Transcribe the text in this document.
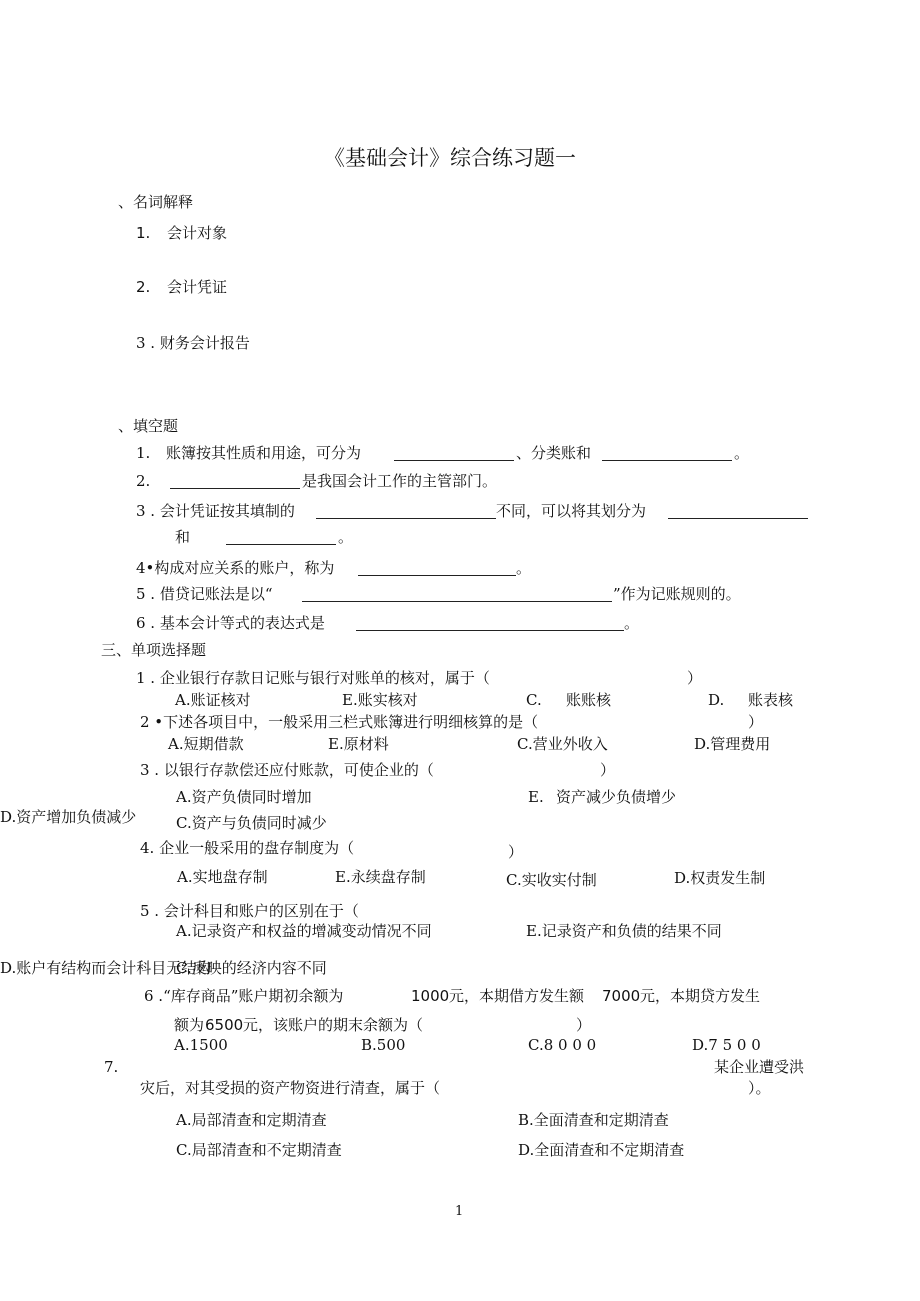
《基础会计》综合练习题一
、名词解释
1. 会计对象
2. 会计凭证
3 . 财务会计报告
、填空题
1. 账簿按其性质和用途，可分为	、分类账和	。
2.	是我国会计工作的主管部门。
3 . 会计凭证按其填制的	不同，可以将其划分为
和	。
4•构成对应关系的账户，称为	。
5 . 借贷记账法是以“	”作为记账规则的。
6 . 基本会计等式的表达式是	。
三、单项选择题
1 . 企业银行存款日记账与银行对账单的核对，属于（	）
A.账证核对	E.账实核对	C. 账账核	D. 账表核
2 •下述各项目中，一般采用三栏式账簿进行明细核算的是（	）
A.短期借款	E.原材料	C.营业外收入	D.管理费用
3 . 以银行存款偿还应付账款，可使企业的（	）
A.资产负债同时增加	E. 资产减少负债增少
D.资产增加负债减少	C.资产与负债同时减少
4. 企业一般采用的盘存制度为（	）
A.实地盘存制	E.永续盘存制	C.实收实付制	D.权责发生制
5 . 会计科目和账户的区别在于（
A.记录资产和权益的增减变动情况不同	E.记录资产和负债的结果不同
D.账户有结构而会计科目无结构
C.反映的经济内容不同
6 .“库存商品”账户期初余额为	1000 元，本期借方发生额 7000 元，本期贷方发生
额为 6500 元，该账户的期末余额为（	）
A.1500	B.500	C.8 0 0 0	D.7 5 0 0
7.	某企业遭受洪
灾后，对其受损的资产物资进行清查，属于（	）。
A.局部清查和定期清查	B.全面清查和定期清查
C.局部清查和不定期清查	D.全面清查和不定期清查
1
